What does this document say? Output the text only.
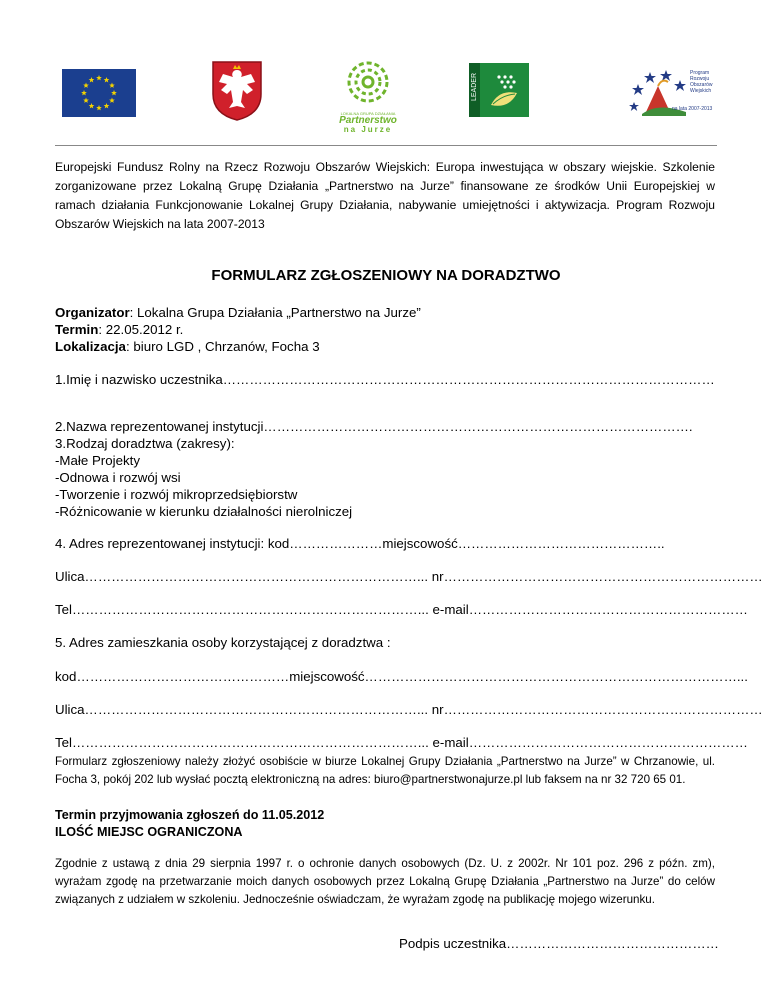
LOKALNA GRUPA DZIAŁANIA
Partnerstwo
na Jurze
LEADER	Program
Rozwoju
Obszarów
Wiejskich
na lata 2007-2013
Europejski Fundusz Rolny na Rzecz Rozwoju Obszarów Wiejskich: Europa inwestująca w obszary wiejskie. Szkolenie zorganizowane przez Lokalną Grupę Działania „Partnerstwo na Jurze” finansowane ze środków Unii Europejskiej w ramach działania Funkcjonowanie Lokalnej Grupy Działania, nabywanie umiejętności i aktywizacja. Program Rozwoju Obszarów Wiejskich na lata 2007-2013
FORMULARZ ZGŁOSZENIOWY NA DORADZTWO
Organizator: Lokalna Grupa Działania „Partnerstwo na Jurze”
Termin: 22.05.2012 r.
Lokalizacja: biuro LGD , Chrzanów, Focha 3
1.Imię i nazwisko uczestnika…………………………………………………………………………………………………
2.Nazwa reprezentowanej instytucji…………………………………………………………………………………….
3.Rodzaj doradztwa (zakresy):
-Małe Projekty
-Odnowa i rozwój wsi
-Tworzenie i rozwój mikroprzedsiębiorstw
-Różnicowanie w kierunku działalności nierolniczej
4. Adres reprezentowanej instytucji: kod…………………miejscowość………………………………………..
Ulica…………………………………………………………………... nr………………………………………………………………
Tel……………………………………………………………………... e-mail………………………………………………………
5. Adres zamieszkania osoby korzystającej z doradztwa :
kod…………………………………………miejscowość…………………………………………………………………………...
Ulica…………………………………………………………………... nr………………………………………………………………
Tel……………………………………………………………………... e-mail………………………………………………………
Formularz zgłoszeniowy należy złożyć osobiście w biurze Lokalnej Grupy Działania „Partnerstwo na Jurze” w Chrzanowie, ul. Focha 3, pokój 202 lub wysłać pocztą elektroniczną na adres: biuro@partnerstwonajurze.pl lub faksem na nr 32 720 65 01.
Termin przyjmowania zgłoszeń do 11.05.2012
ILOŚĆ MIEJSC OGRANICZONA
Zgodnie z ustawą z dnia 29 sierpnia 1997 r. o ochronie danych osobowych (Dz. U. z 2002r. Nr 101 poz. 296 z późn. zm), wyrażam zgodę na przetwarzanie moich danych osobowych przez Lokalną Grupę Działania „Partnerstwo na Jurze” do celów związanych z udziałem w szkoleniu. Jednocześnie oświadczam, że wyrażam zgodę na publikację mojego wizerunku.
Podpis uczestnika…………………………………………
